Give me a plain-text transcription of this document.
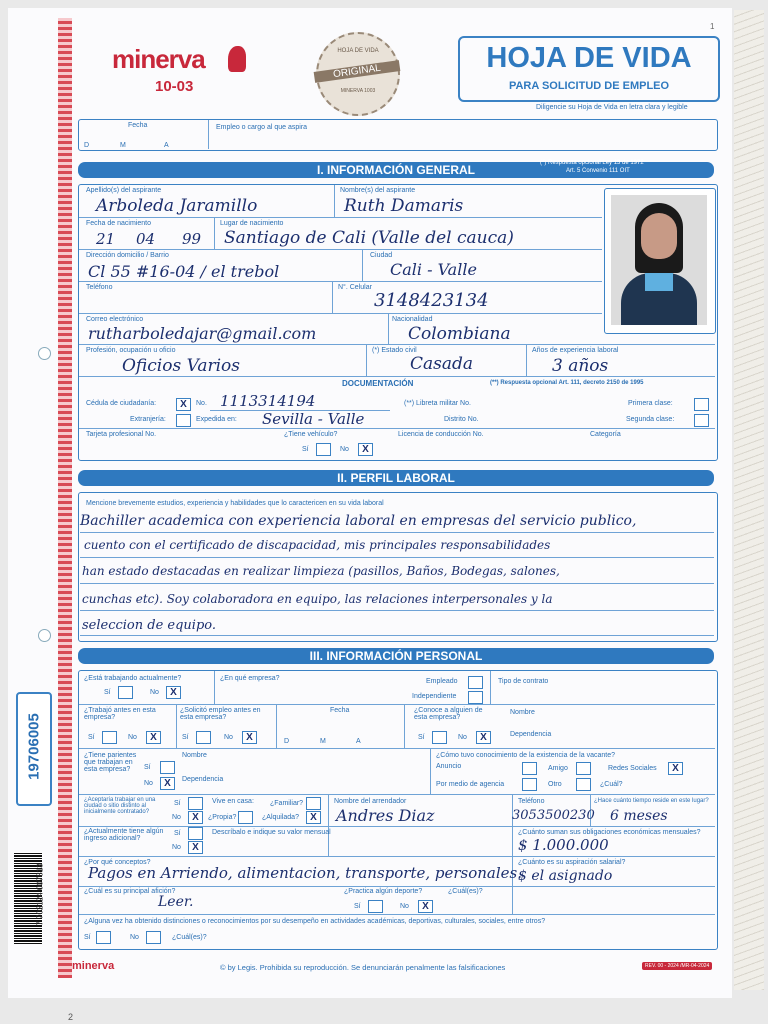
19706005
7 702124 007813
minerva
10-03
HOJA DE VIDA
ORIGINAL
MINERVA 1003
1
HOJA DE VIDA
PARA SOLICITUD DE EMPLEO
Diligencie su Hoja de Vida en letra clara y legible
Fecha
D	M	A
Empleo o cargo al que aspira
I. INFORMACIÓN GENERAL	(*) Respuesta opcional Ley 13 de 1972
Art. 5 Convenio 111 OIT
Apellido(s) del aspirante
Arboleda Jaramillo
Nombre(s) del aspirante
Ruth Damaris
Fecha de nacimiento
21 04 99
Lugar de nacimiento
Santiago de Cali (Valle del cauca)
Dirección domicilio / Barrio
Cl 55 #16-04 / el trebol
Ciudad
Cali - Valle
Teléfono	N°. Celular
3148423134
Correo electrónico
rutharboledajar@gmail.com
Nacionalidad
Colombiana
Profesión, ocupación u oficio
Oficios Varios
(*) Estado civil
Casada
Años de experiencia laboral
3 años
DOCUMENTACIÓN	(**) Respuesta opcional Art. 111, decreto 2150 de 1995
Cédula de ciudadanía:	X	No. 1113314194
Extranjería:	Expedida en: Sevilla - Valle
(**) Libreta militar No.
Distrito No.
Primera clase:
Segunda clase:
Tarjeta profesional No.	¿Tiene vehículo?
Sí	No	X
Licencia de conducción No.	Categoría
II. PERFIL LABORAL
Mencione brevemente estudios, experiencia y habilidades que lo caractericen en su vida laboral
Bachiller academica con experiencia laboral en empresas del servicio publico,
cuento con el certificado de discapacidad, mis principales responsabilidades
han estado destacadas en realizar limpieza (pasillos, Baños, Bodegas, salones,
cunchas etc). Soy colaboradora en equipo, las relaciones interpersonales y la
seleccion de equipo.
III. INFORMACIÓN PERSONAL
¿Está trabajando actualmente?
Sí	No	X
¿En qué empresa?	Empleado
Independiente
Tipo de contrato
¿Trabajó antes en esta empresa?
Sí	No	X
¿Solicitó empleo antes en esta empresa?
Sí	No	X
Fecha
D	M	A
¿Conoce a alguien de esta empresa?
Sí	No	X
Nombre
Dependencia
¿Tiene parientes que trabajan en esta empresa?	Sí
No	X
Nombre
Dependencia
¿Cómo tuvo conocimiento de la existencia de la vacante?
Anuncio	Amigo	Redes Sociales	X
Por medio de agencia	Otro	¿Cuál?
¿Aceptaría trabajar en una ciudad o sitio distinto al inicialmente contratado?
Sí
No	X
Vive en casa: ¿Familiar?
¿Propia?	¿Alquilada?	X
Nombre del arrendador
Andres Diaz
Teléfono
3053500230
¿Hace cuánto tiempo reside en este lugar?
6 meses
¿Actualmente tiene algún ingreso adicional?
Sí
No	X
Descríbalo e indique su valor mensual	¿Cuánto suman sus obligaciones económicas mensuales?
$ 1.000.000
¿Por qué conceptos?
Pagos en Arriendo, alimentacion, transporte, personales.
¿Cuánto es su aspiración salarial?
$ el asignado
¿Cuál es su principal afición?
Leer.
¿Practica algún deporte?
Sí	No	X
¿Cuál(es)?
¿Alguna vez ha obtenido distinciones o reconocimientos por su desempeño en actividades académicas, deportivas, culturales, sociales, entre otros?
Sí	No	¿Cuál(es)?
minerva	© by Legis. Prohibida su reproducción. Se denunciarán penalmente las falsificaciones	REV. 00 - 2024 /MR-04-2024
2
